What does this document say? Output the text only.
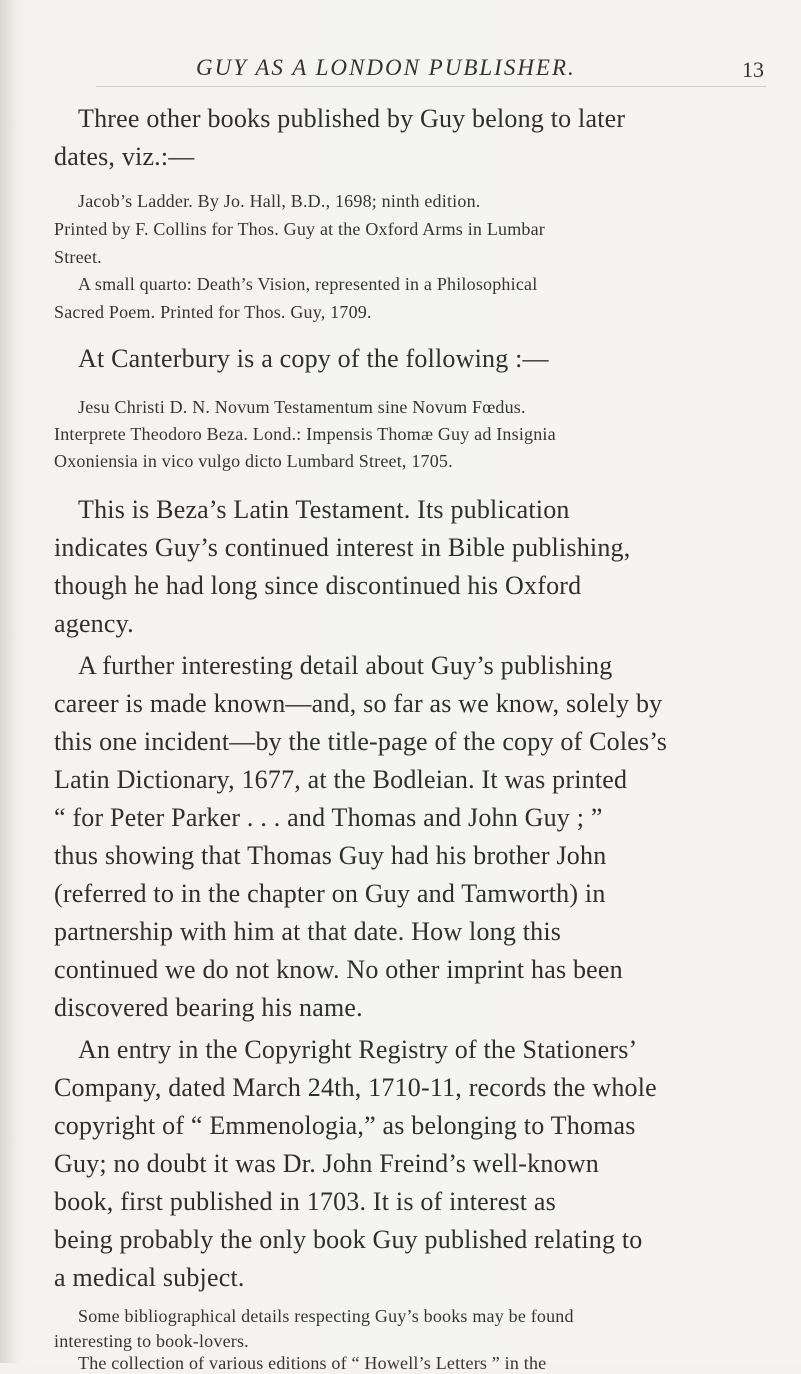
GUY AS A LONDON PUBLISHER.	13
Three other books published by Guy belong to later
dates, viz.:—
Jacob’s Ladder. By Jo. Hall, B.D., 1698; ninth edition.
Printed by F. Collins for Thos. Guy at the Oxford Arms in Lumbar
Street.
A small quarto: Death’s Vision, represented in a Philosophical
Sacred Poem. Printed for Thos. Guy, 1709.
At Canterbury is a copy of the following :—
Jesu Christi D. N. Novum Testamentum sine Novum Fœdus.
Interprete Theodoro Beza. Lond.: Impensis Thomæ Guy ad Insignia
Oxoniensia in vico vulgo dicto Lumbard Street, 1705.
This is Beza’s Latin Testament. Its publication
indicates Guy’s continued interest in Bible publishing,
though he had long since discontinued his Oxford
agency.
A further interesting detail about Guy’s publishing
career is made known—and, so far as we know, solely by
this one incident—by the title-page of the copy of Coles’s
Latin Dictionary, 1677, at the Bodleian. It was printed
“ for Peter Parker . . . and Thomas and John Guy ; ”
thus showing that Thomas Guy had his brother John
(referred to in the chapter on Guy and Tamworth) in
partnership with him at that date. How long this
continued we do not know. No other imprint has been
discovered bearing his name.
An entry in the Copyright Registry of the Stationers’
Company, dated March 24th, 1710-11, records the whole
copyright of “ Emmenologia,” as belonging to Thomas
Guy; no doubt it was Dr. John Freind’s well-known
book, first published in 1703. It is of interest as
being probably the only book Guy published relating to
a medical subject.
Some bibliographical details respecting Guy’s books may be found
interesting to book-lovers.
The collection of various editions of “ Howell’s Letters ” in the
